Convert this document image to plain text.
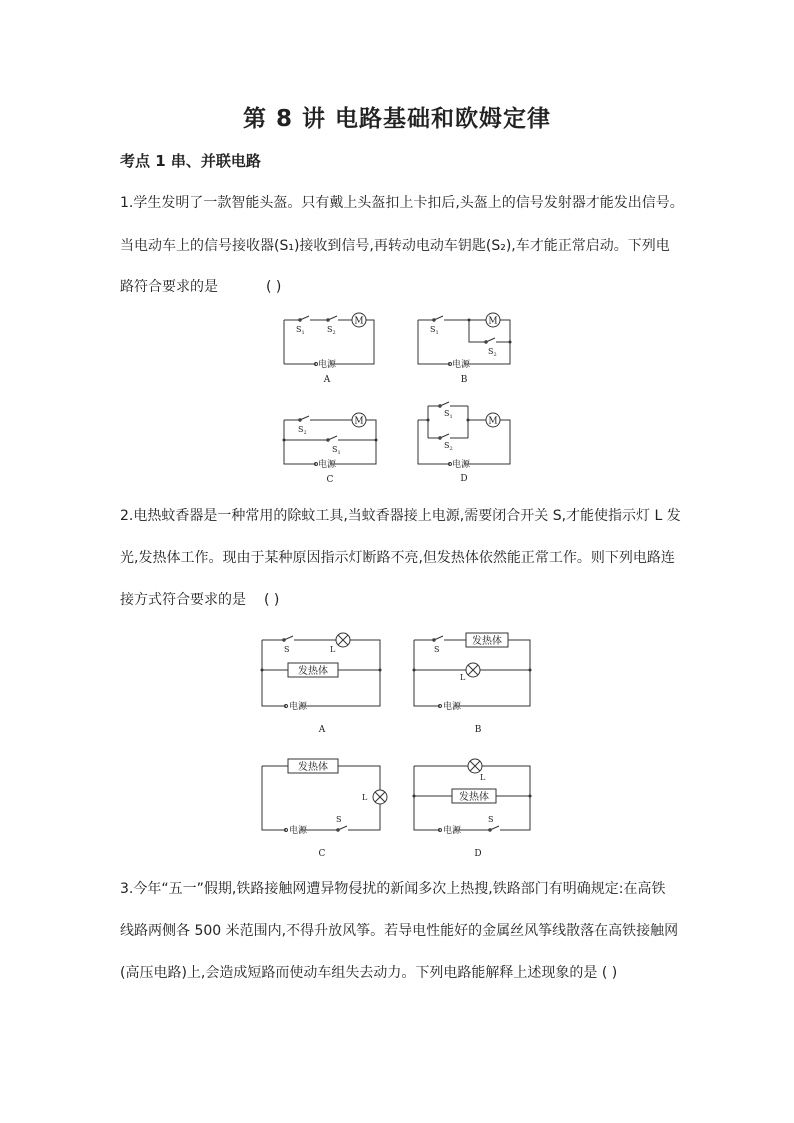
第 8 讲 电路基础和欧姆定律
考点 1 串、并联电路
1.学生发明了一款智能头盔。只有戴上头盔扣上卡扣后,头盔上的信号发射器才能发出信号。
当电动车上的信号接收器(S₁)接收到信号,再转动电动车钥匙(S₂),车才能正常启动。下列电
路符合要求的是	( )
M
$S_1$	$S_2$
电源
A
M
$S_1$
$S_2$
电源
B
M
$S_2$
$S_1$
电源
C
M
$S_1$
$S_2$
电源
D
2.电热蚊香器是一种常用的除蚊工具,当蚊香器接上电源,需要闭合开关 S,才能使指示灯 L 发
光,发热体工作。现由于某种原因指示灯断路不亮,但发热体依然能正常工作。则下列电路连
接方式符合要求的是 ( )
发热体
S	L
电源
A
发热体
S
L
电源
B
发热体
L
S
电源
C
L
发热体
S
电源
D
3.今年“五一”假期,铁路接触网遭异物侵扰的新闻多次上热搜,铁路部门有明确规定:在高铁
线路两侧各 500 米范围内,不得升放风筝。若导电性能好的金属丝风筝线散落在高铁接触网
(高压电路)上,会造成短路而使动车组失去动力。下列电路能解释上述现象的是 ( )
